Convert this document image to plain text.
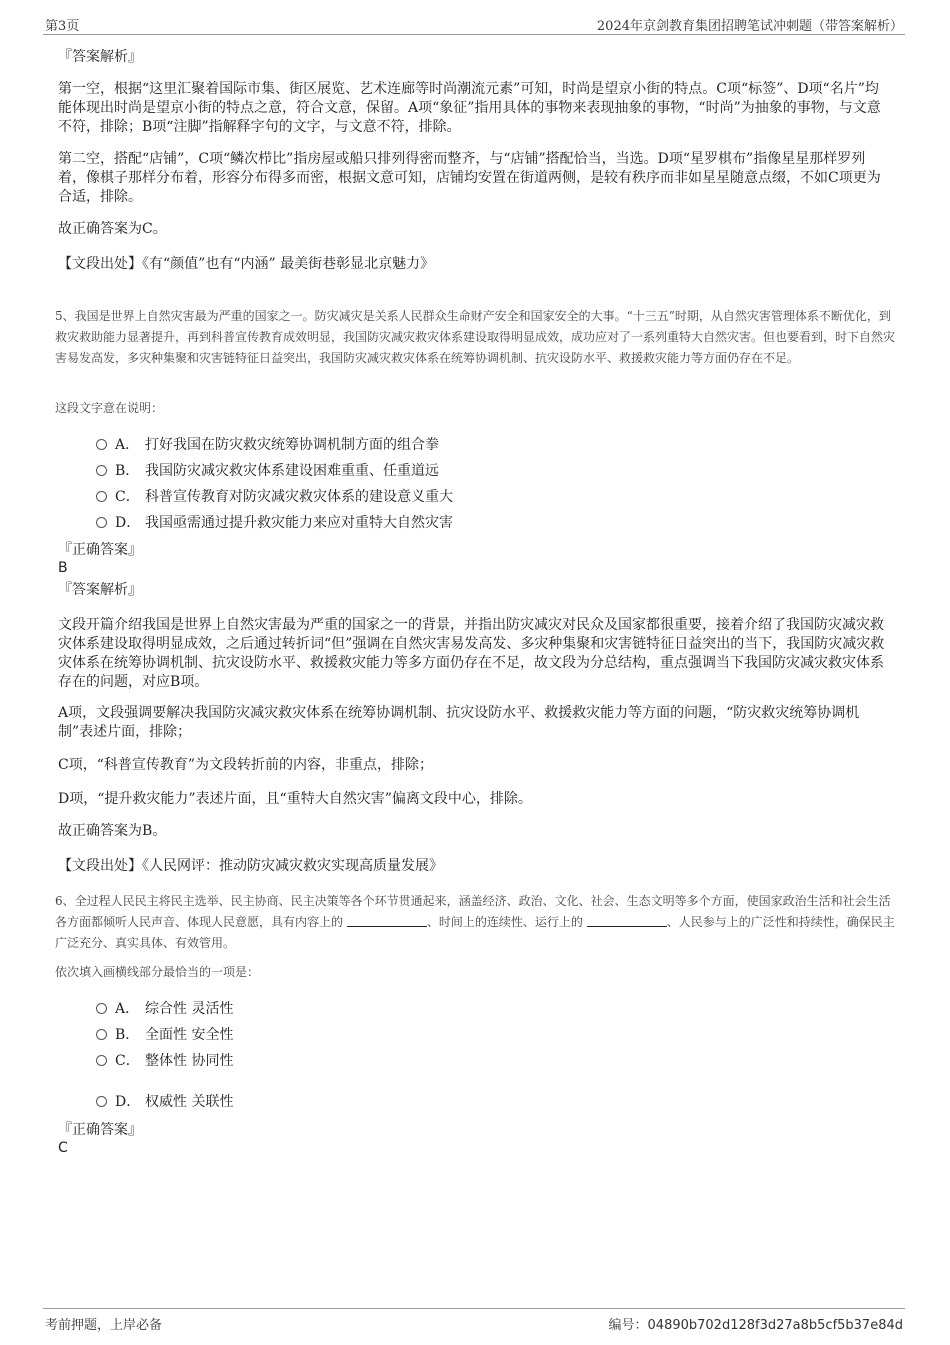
第3页	2024年京剑教育集团招聘笔试冲刺题（带答案解析）
『答案解析』
第一空，根据“这里汇聚着国际市集、街区展览、艺术连廊等时尚潮流元素”可知，时尚是望京小街的特点。C项“标签”、D项“名片”均能体现出时尚是望京小街的特点之意，符合文意，保留。A项“象征”指用具体的事物来表现抽象的事物，“时尚”为抽象的事物，与文意不符，排除；B项“注脚”指解释字句的文字，与文意不符，排除。
第二空，搭配“店铺”，C项“鳞次栉比”指房屋或船只排列得密而整齐，与“店铺”搭配恰当，当选。D项“星罗棋布”指像星星那样罗列着，像棋子那样分布着，形容分布得多而密，根据文意可知，店铺均安置在街道两侧，是较有秩序而非如星星随意点缀，不如C项更为合适，排除。
故正确答案为C。
【文段出处】《有“颜值”也有“内涵” 最美街巷彰显北京魅力》
5、我国是世界上自然灾害最为严重的国家之一。防灾减灾是关系人民群众生命财产安全和国家安全的大事。“十三五”时期，从自然灾害管理体系不断优化，到救灾救助能力显著提升，再到科普宣传教育成效明显，我国防灾减灾救灾体系建设取得明显成效，成功应对了一系列重特大自然灾害。但也要看到，时下自然灾害易发高发，多灾种集聚和灾害链特征日益突出，我国防灾减灾救灾体系在统筹协调机制、抗灾设防水平、救援救灾能力等方面仍存在不足。
这段文字意在说明：
A． 打好我国在防灾救灾统筹协调机制方面的组合拳
B． 我国防灾减灾救灾体系建设困难重重、任重道远
C． 科普宣传教育对防灾减灾救灾体系的建设意义重大
D． 我国亟需通过提升救灾能力来应对重特大自然灾害
『正确答案』
B
『答案解析』
文段开篇介绍我国是世界上自然灾害最为严重的国家之一的背景，并指出防灾减灾对民众及国家都很重要，接着介绍了我国防灾减灾救灾体系建设取得明显成效，之后通过转折词“但”强调在自然灾害易发高发、多灾种集聚和灾害链特征日益突出的当下，我国防灾减灾救灾体系在统筹协调机制、抗灾设防水平、救援救灾能力等多方面仍存在不足，故文段为分总结构，重点强调当下我国防灾减灾救灾体系存在的问题，对应B项。
A项，文段强调要解决我国防灾减灾救灾体系在统筹协调机制、抗灾设防水平、救援救灾能力等方面的问题，“防灾救灾统筹协调机制”表述片面，排除；
C项，“科普宣传教育”为文段转折前的内容，非重点，排除；
D项，“提升救灾能力”表述片面，且“重特大自然灾害”偏离文段中心，排除。
故正确答案为B。
【文段出处】《人民网评：推动防灾减灾救灾实现高质量发展》
6、全过程人民民主将民主选举、民主协商、民主决策等各个环节贯通起来，涵盖经济、政治、文化、社会、生态文明等多个方面，使国家政治生活和社会生活各方面都倾听人民声音、体现人民意愿，具有内容上的	、时间上的连续性、运行上的	、人民参与上的广泛性和持续性，确保民主广泛充分、真实具体、有效管用。
依次填入画横线部分最恰当的一项是：
A． 综合性 灵活性
B． 全面性 安全性
C． 整体性 协同性
D． 权威性 关联性
『正确答案』
C
考前押题，上岸必备	编号：04890b702d128f3d27a8b5cf5b37e84d
